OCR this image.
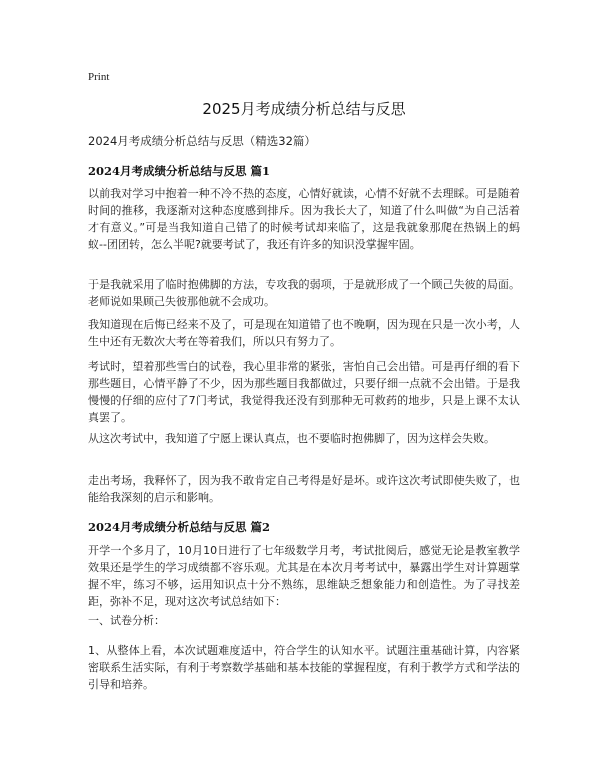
Print
2025月考成绩分析总结与反思
2024月考成绩分析总结与反思（精选32篇）
2024月考成绩分析总结与反思 篇1
以前我对学习中抱着一种不冷不热的态度，心情好就读，心情不好就不去理睬。可是随着时间的推移，我逐渐对这种态度感到排斥。因为我长大了，知道了什么叫做“为自己活着才有意义。”可是当我知道自己错了的时候考试却来临了，这是我就象那爬在热锅上的蚂蚁--团团转，怎么半呢?就要考试了，我还有许多的知识没掌握牢固。
于是我就采用了临时抱佛脚的方法，专攻我的弱项，于是就形成了一个顾己失彼的局面。老师说如果顾己失彼那他就不会成功。
我知道现在后悔已经来不及了，可是现在知道错了也不晚啊，因为现在只是一次小考，人生中还有无数次大考在等着我们，所以只有努力了。
考试时，望着那些雪白的试卷，我心里非常的紧张，害怕自己会出错。可是再仔细的看下那些题目，心情平静了不少，因为那些题目我都做过，只要仔细一点就不会出错。于是我慢慢的仔细的应付了7门考试，我觉得我还没有到那种无可救药的地步，只是上课不太认真罢了。
从这次考试中，我知道了宁愿上课认真点，也不要临时抱佛脚了，因为这样会失败。
走出考场，我释怀了，因为我不敢肯定自己考得是好是坏。或许这次考试即使失败了，也能给我深刻的启示和影响。
2024月考成绩分析总结与反思 篇2
开学一个多月了，10月10日进行了七年级数学月考，考试批阅后，感觉无论是教室教学效果还是学生的学习成绩都不容乐观。尤其是在本次月考考试中，暴露出学生对计算题掌握不牢，练习不够，运用知识点十分不熟练，思维缺乏想象能力和创造性。为了寻找差距，弥补不足，现对这次考试总结如下：
一、试卷分析：
1、从整体上看，本次试题难度适中，符合学生的认知水平。试题注重基础计算，内容紧密联系生活实际，有利于考察数学基础和基本技能的掌握程度，有利于教学方式和学法的引导和培养。
